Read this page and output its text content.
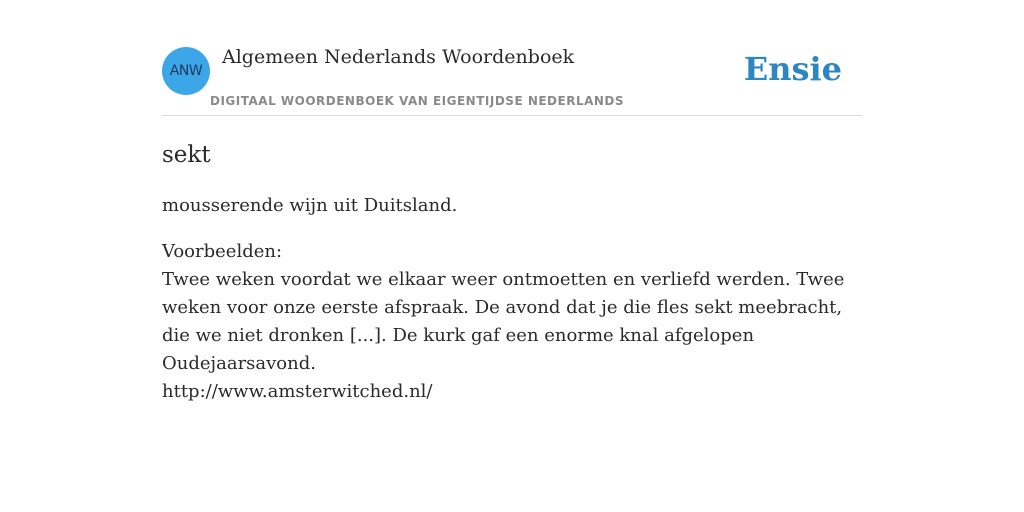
ANW
Algemeen Nederlands Woordenboek
DIGITAAL WOORDENBOEK VAN EIGENTIJDSE NEDERLANDS
Ensie
sekt
mousserende wijn uit Duitsland.
Voorbeelden:
Twee weken voordat we elkaar weer ontmoetten en verliefd werden. Twee weken voor onze eerste afspraak. De avond dat je die fles sekt meebracht, die we niet dronken [...]. De kurk gaf een enorme knal afgelopen Oudejaarsavond.
http://www.amsterwitched.nl/
